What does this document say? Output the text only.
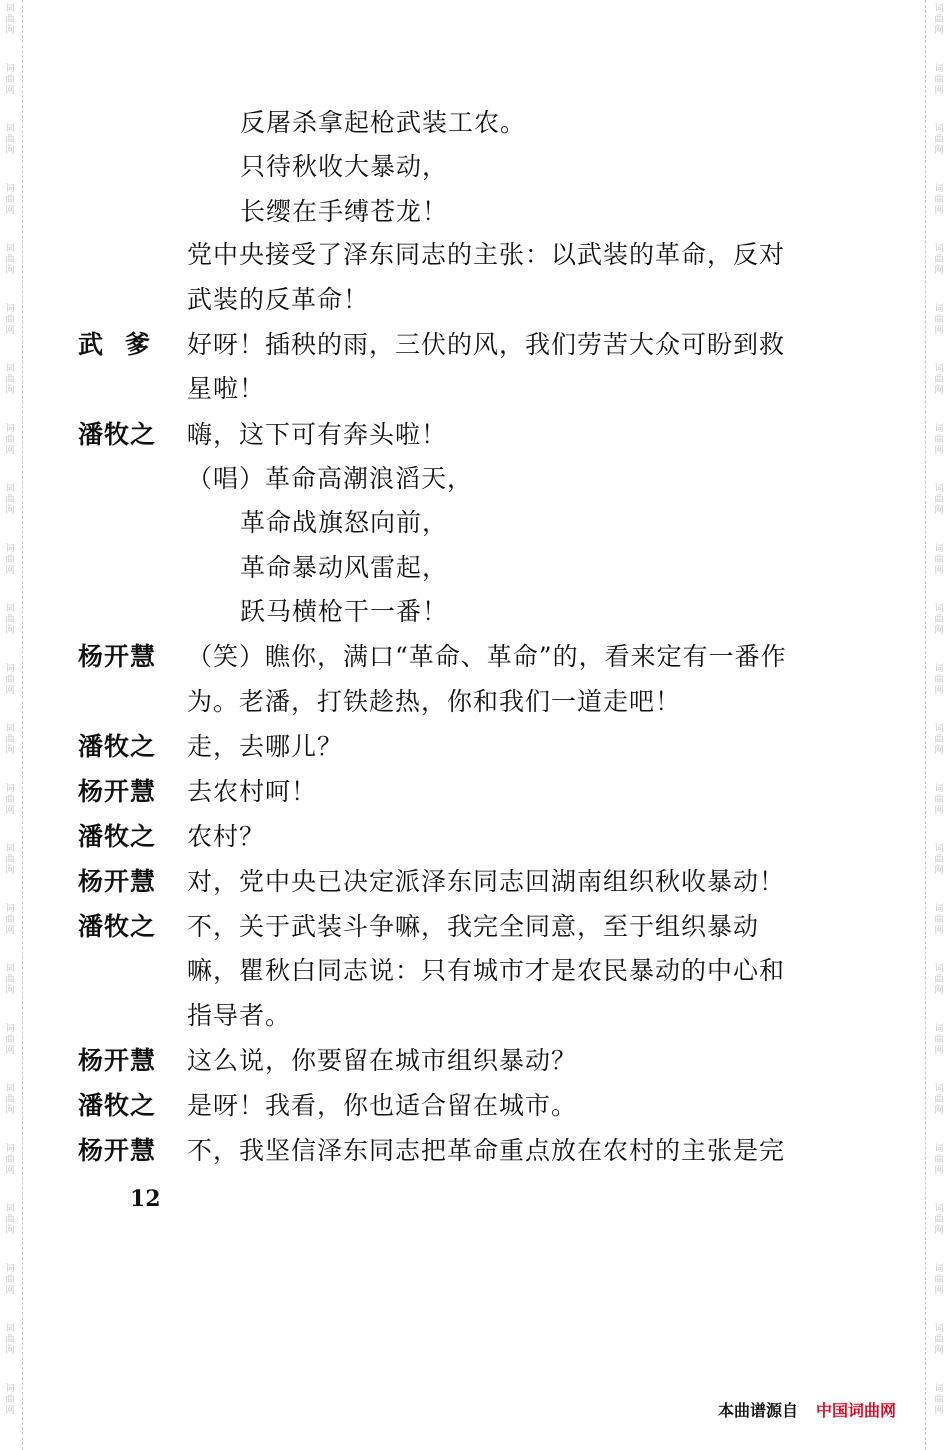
词曲网
词曲网
词曲网
词曲网
词曲网
词曲网
词曲网
词曲网
词曲网
词曲网
词曲网
词曲网
词曲网
词曲网
词曲网
词曲网
词曲网
词曲网
词曲网
词曲网
词曲网
词曲网
词曲网
词曲网
词曲网
词曲网
词曲网
词曲网
词曲网
词曲网
词曲网
词曲网
词曲网
词曲网
词曲网
词曲网
词曲网
词曲网
词曲网
词曲网
词曲网
词曲网
词曲网
词曲网
词曲网
词曲网
词曲网
词曲网
反屠杀拿起枪武装工农。
只待秋收大暴动，
长缨在手缚苍龙！
党中央接受了泽东同志的主张：以武装的革命，反对
武装的反革命！
武爹 好呀！插秧的雨，三伏的风，我们劳苦大众可盼到救
星啦！
潘牧之 嗨，这下可有奔头啦！
（唱）革命高潮浪滔天，
革命战旗怒向前，
革命暴动风雷起，
跃马横枪干一番！
杨开慧 （笑）瞧你，满口“革命、革命”的，看来定有一番作
为。老潘，打铁趁热，你和我们一道走吧！
潘牧之 走，去哪儿？
杨开慧 去农村呵！
潘牧之 农村？
杨开慧 对，党中央已决定派泽东同志回湖南组织秋收暴动！
潘牧之 不，关于武装斗争嘛，我完全同意，至于组织暴动
嘛，瞿秋白同志说：只有城市才是农民暴动的中心和
指导者。
杨开慧 这么说，你要留在城市组织暴动？
潘牧之 是呀！我看，你也适合留在城市。
杨开慧 不，我坚信泽东同志把革命重点放在农村的主张是完
12
本曲谱源自 中国词曲网
